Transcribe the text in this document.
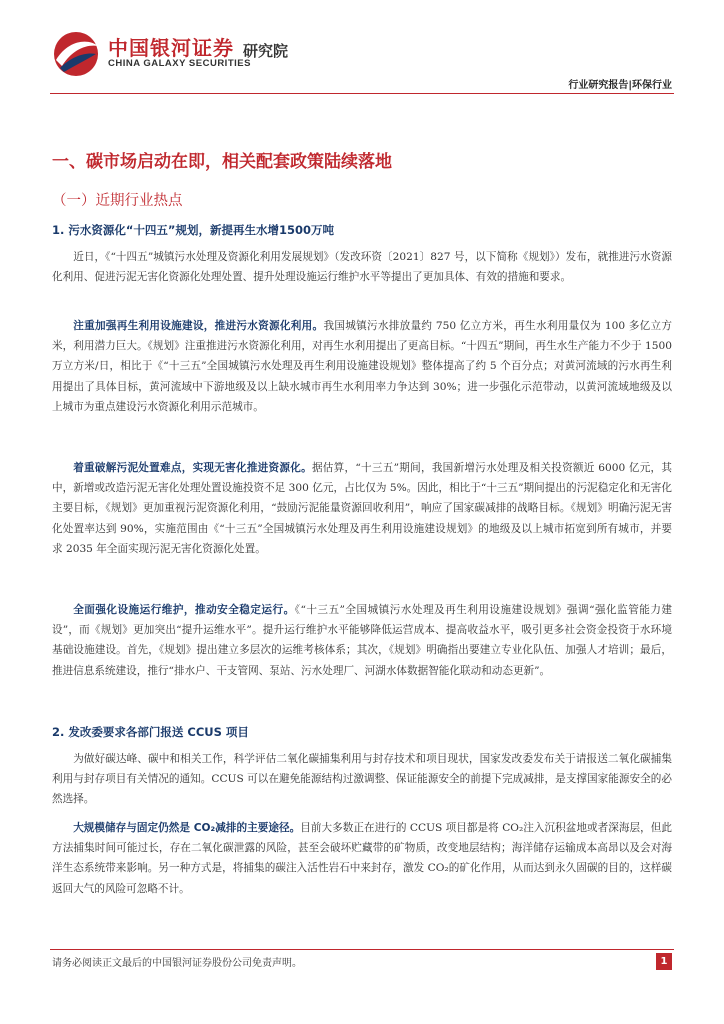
中国银河证券
CHINA GALAXY SECURITIES
研究院
行业研究报告|环保行业
一、碳市场启动在即，相关配套政策陆续落地
（一）近期行业热点
1. 污水资源化“十四五”规划，新提再生水增1500万吨
近日，《“十四五”城镇污水处理及资源化利用发展规划》（发改环资〔2021〕827 号，以下简称《规划》）发布，就推进污水资源化利用、促进污泥无害化资源化处理处置、提升处理设施运行维护水平等提出了更加具体、有效的措施和要求。
注重加强再生利用设施建设，推进污水资源化利用。我国城镇污水排放量约 750 亿立方米，再生水利用量仅为 100 多亿立方米，利用潜力巨大。《规划》注重推进污水资源化利用，对再生水利用提出了更高目标。“十四五”期间，再生水生产能力不少于 1500 万立方米/日，相比于《“十三五”全国城镇污水处理及再生利用设施建设规划》整体提高了约 5 个百分点；对黄河流域的污水再生利用提出了具体目标，黄河流域中下游地级及以上缺水城市再生水利用率力争达到 30%；进一步强化示范带动，以黄河流域地级及以上城市为重点建设污水资源化利用示范城市。
着重破解污泥处置难点，实现无害化推进资源化。据估算，“十三五”期间，我国新增污水处理及相关投资额近 6000 亿元，其中，新增或改造污泥无害化处理处置设施投资不足 300 亿元，占比仅为 5%。因此，相比于“十三五”期间提出的污泥稳定化和无害化主要目标，《规划》更加重视污泥资源化利用，“鼓励污泥能量资源回收利用”，响应了国家碳减排的战略目标。《规划》明确污泥无害化处置率达到 90%，实施范围由《“十三五”全国城镇污水处理及再生利用设施建设规划》的地级及以上城市拓宽到所有城市，并要求 2035 年全面实现污泥无害化资源化处置。
全面强化设施运行维护，推动安全稳定运行。《“十三五”全国城镇污水处理及再生利用设施建设规划》强调“强化监管能力建设”，而《规划》更加突出“提升运维水平”。提升运行维护水平能够降低运营成本、提高收益水平，吸引更多社会资金投资于水环境基础设施建设。首先，《规划》提出建立多层次的运维考核体系；其次，《规划》明确指出要建立专业化队伍、加强人才培训；最后，推进信息系统建设，推行“排水户、干支管网、泵站、污水处理厂、河湖水体数据智能化联动和动态更新”。
2. 发改委要求各部门报送 CCUS 项目
为做好碳达峰、碳中和相关工作，科学评估二氧化碳捕集利用与封存技术和项目现状，国家发改委发布关于请报送二氧化碳捕集利用与封存项目有关情况的通知。CCUS 可以在避免能源结构过激调整、保证能源安全的前提下完成减排，是支撑国家能源安全的必然选择。
大规模储存与固定仍然是 CO₂减排的主要途径。目前大多数正在进行的 CCUS 项目都是将 CO₂注入沉积盆地或者深海层，但此方法捕集时间可能过长，存在二氧化碳泄露的风险，甚至会破坏贮藏带的矿物质，改变地层结构；海洋储存运输成本高昂以及会对海洋生态系统带来影响。另一种方式是，将捕集的碳注入活性岩石中来封存，激发 CO₂的矿化作用，从而达到永久固碳的目的，这样碳返回大气的风险可忽略不计。
请务必阅读正文最后的中国银河证券股份公司免责声明。	1
